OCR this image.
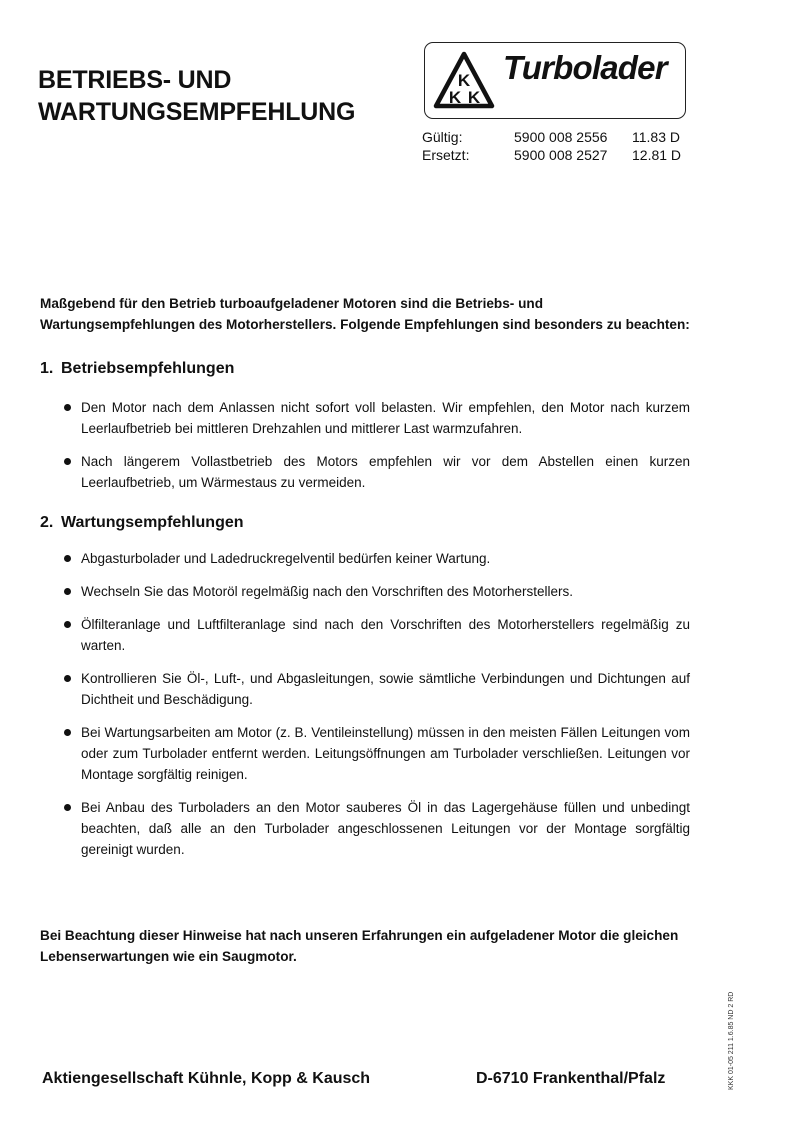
BETRIEBS- UND
WARTUNGSEMPFEHLUNG
K
K K
Turbolader
Gültig:	5900 008 2556 11.83 D
Ersetzt:	5900 008 2527 12.81 D

Maßgebend für den Betrieb turboaufgeladener Motoren sind die Betriebs- und Wartungsempfehlungen des Motorherstellers. Folgende Empfehlungen sind besonders zu beachten:

1. Betriebsempfehlungen
Den Motor nach dem Anlassen nicht sofort voll belasten. Wir empfehlen, den Motor nach kurzem Leerlaufbetrieb bei mittleren Drehzahlen und mittlerer Last warmzufahren.
Nach längerem Vollastbetrieb des Motors empfehlen wir vor dem Abstellen einen kurzen Leerlaufbetrieb, um Wärmestaus zu vermeiden.
2. Wartungsempfehlungen
Abgasturbolader und Ladedruckregelventil bedürfen keiner Wartung.
Wechseln Sie das Motoröl regelmäßig nach den Vorschriften des Motorherstellers.
Ölfilteranlage und Luftfilteranlage sind nach den Vorschriften des Motorherstellers regelmäßig zu warten.
Kontrollieren Sie Öl-, Luft-, und Abgasleitungen, sowie sämtliche Verbindungen und Dichtungen auf Dichtheit und Beschädigung.
Bei Wartungsarbeiten am Motor (z. B. Ventileinstellung) müssen in den meisten Fällen Leitungen vom oder zum Turbolader entfernt werden. Leitungsöffnungen am Turbolader verschließen. Leitungen vor Montage sorgfältig reinigen.
Bei Anbau des Turboladers an den Motor sauberes Öl in das Lagergehäuse füllen und unbedingt beachten, daß alle an den Turbolader angeschlossenen Leitungen vor der Montage sorgfältig gereinigt wurden.

Bei Beachtung dieser Hinweise hat nach unseren Erfahrungen ein aufgeladener Motor die gleichen Lebenserwartungen wie ein Saugmotor.

KKK 01-05 211 1.6.85 ND 2 RD
Aktiengesellschaft Kühnle, Kopp & Kausch	D-6710 Frankenthal/Pfalz
